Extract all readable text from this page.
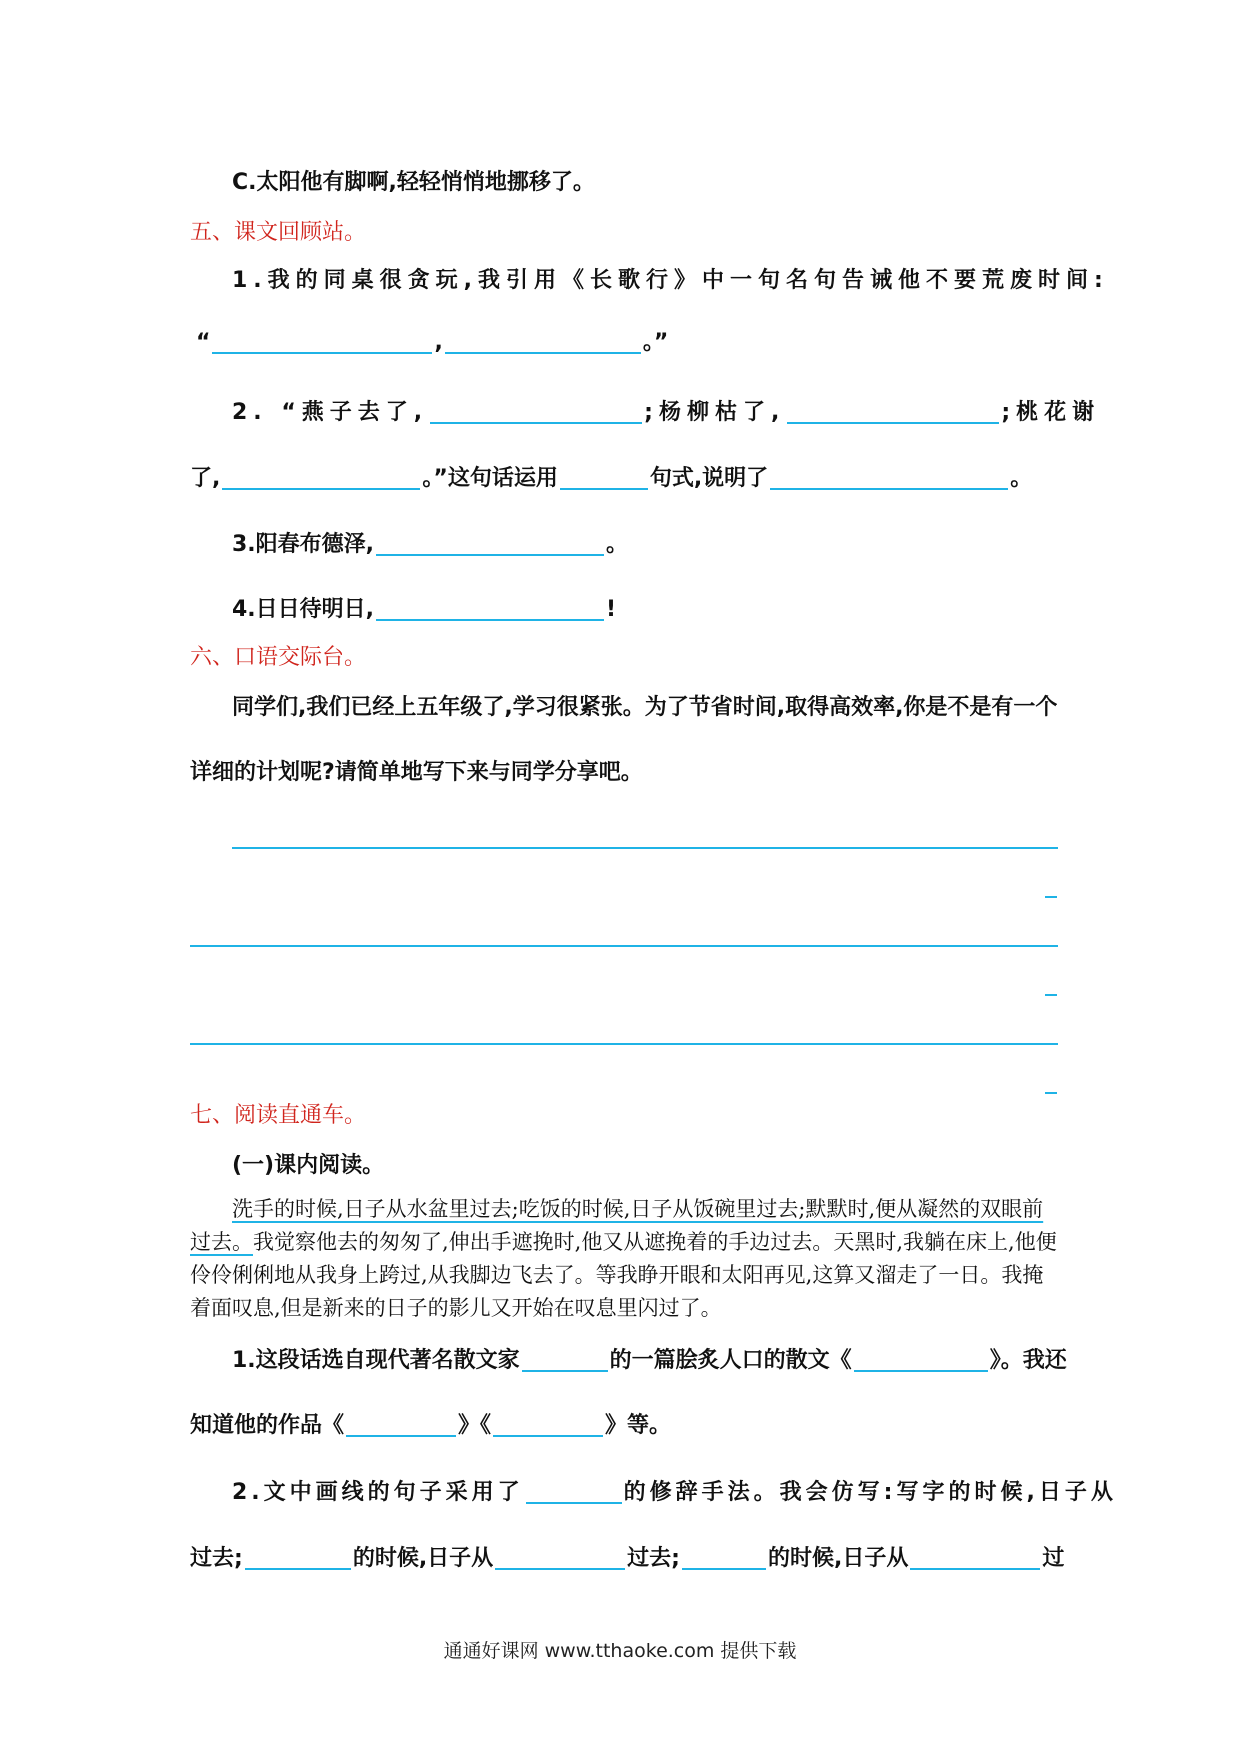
C.太阳他有脚啊,轻轻悄悄地挪移了。
五、课文回顾站。
1.我的同桌很贪玩,我引用《长歌行》中一句名句告诫他不要荒废时间:
“	,	。”
2. “燕子去了,	;杨柳枯了,	;桃花谢
了,	。”这句话运用	句式,说明了	。
3.阳春布德泽,	。
4.日日待明日,	!
六、口语交际台。
同学们,我们已经上五年级了,学习很紧张。为了节省时间,取得高效率,你是不是有一个
详细的计划呢?请简单地写下来与同学分享吧。
七、阅读直通车。
(一)课内阅读。

洗手的时候,日子从水盆里过去;吃饭的时候,日子从饭碗里过去;默默时,便从凝然的双眼前过去。我觉察他去的匆匆了,伸出手遮挽时,他又从遮挽着的手边过去。天黑时,我躺在床上,他便伶伶俐俐地从我身上跨过,从我脚边飞去了。等我睁开眼和太阳再见,这算又溜走了一日。我掩着面叹息,但是新来的日子的影儿又开始在叹息里闪过了。

1.这段话选自现代著名散文家	的一篇脍炙人口的散文《	》。我还
知道他的作品《	》《	》等。
2.文中画线的句子采用了	的修辞手法。我会仿写:写字的时候,日子从
过去;	的时候,日子从	过去;	的时候,日子从	过
通通好课网 www.tthaoke.com 提供下载
